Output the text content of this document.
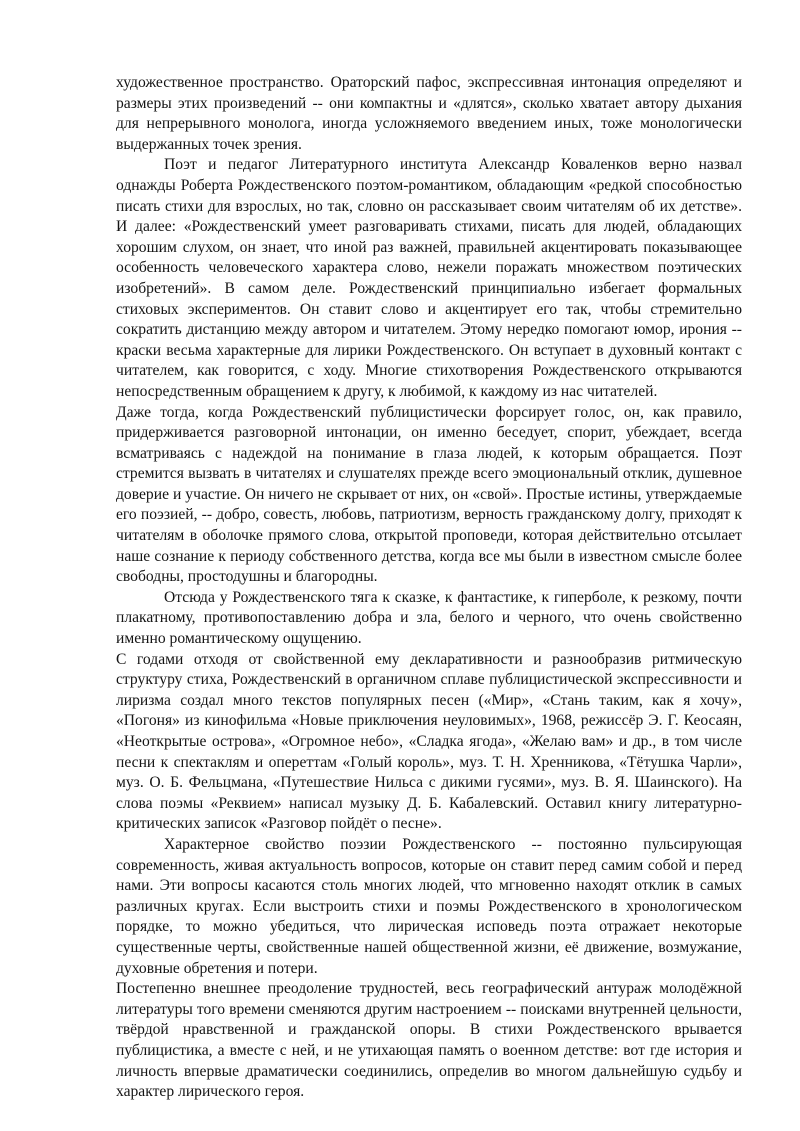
художественное пространство. Ораторский пафос, экспрессивная интонация определяют и размеры этих произведений -- они компактны и «длятся», сколько хватает автору дыхания для непрерывного монолога, иногда усложняемого введением иных, тоже монологически выдержанных точек зрения.

Поэт и педагог Литературного института Александр Коваленков верно назвал однажды Роберта Рождественского поэтом-романтиком, обладающим «редкой способностью писать стихи для взрослых, но так, словно он рассказывает своим читателям об их детстве». И далее: «Рождественский умеет разговаривать стихами, писать для людей, обладающих хорошим слухом, он знает, что иной раз важней, правильней акцентировать показывающее особенность человеческого характера слово, нежели поражать множеством поэтических изобретений». В самом деле. Рождественский принципиально избегает формальных стиховых экспериментов. Он ставит слово и акцентирует его так, чтобы стремительно сократить дистанцию между автором и читателем. Этому нередко помогают юмор, ирония -- краски весьма характерные для лирики Рождественского. Он вступает в духовный контакт с читателем, как говорится, с ходу. Многие стихотворения Рождественского открываются непосредственным обращением к другу, к любимой, к каждому из нас читателей.

Даже тогда, когда Рождественский публицистически форсирует голос, он, как правило, придерживается разговорной интонации, он именно беседует, спорит, убеждает, всегда всматриваясь с надеждой на понимание в глаза людей, к которым обращается. Поэт стремится вызвать в читателях и слушателях прежде всего эмоциональный отклик, душевное доверие и участие. Он ничего не скрывает от них, он «свой». Простые истины, утверждаемые его поэзией, -- добро, совесть, любовь, патриотизм, верность гражданскому долгу, приходят к читателям в оболочке прямого слова, открытой проповеди, которая действительно отсылает наше сознание к периоду собственного детства, когда все мы были в известном смысле более свободны, простодушны и благородны.

Отсюда у Рождественского тяга к сказке, к фантастике, к гиперболе, к резкому, почти плакатному, противопоставлению добра и зла, белого и черного, что очень свойственно именно романтическому ощущению.

С годами отходя от свойственной ему декларативности и разнообразив ритмическую структуру стиха, Рождественский в органичном сплаве публицистической экспрессивности и лиризма создал много текстов популярных песен («Мир», «Стань таким, как я хочу», «Погоня» из кинофильма «Новые приключения неуловимых», 1968, режиссёр Э. Г. Кеосаян, «Неоткрытые острова», «Огромное небо», «Сладка ягода», «Желаю вам» и др., в том числе песни к спектаклям и опереттам «Голый король», муз. Т. Н. Хренникова, «Тётушка Чарли», муз. О. Б. Фельцмана, «Путешествие Нильса с дикими гусями», муз. В. Я. Шаинского). На слова поэмы «Реквием» написал музыку Д. Б. Кабалевский. Оставил книгу литературно-критических записок «Разговор пойдёт о песне».

Характерное свойство поэзии Рождественского -- постоянно пульсирующая современность, живая актуальность вопросов, которые он ставит перед самим собой и перед нами. Эти вопросы касаются столь многих людей, что мгновенно находят отклик в самых различных кругах. Если выстроить стихи и поэмы Рождественского в хронологическом порядке, то можно убедиться, что лирическая исповедь поэта отражает некоторые существенные черты, свойственные нашей общественной жизни, её движение, возмужание, духовные обретения и потери.

Постепенно внешнее преодоление трудностей, весь географический антураж молодёжной литературы того времени сменяются другим настроением -- поисками внутренней цельности, твёрдой нравственной и гражданской опоры. В стихи Рождественского врывается публицистика, а вместе с ней, и не утихающая память о военном детстве: вот где история и личность впервые драматически соединились, определив во многом дальнейшую судьбу и характер лирического героя.
